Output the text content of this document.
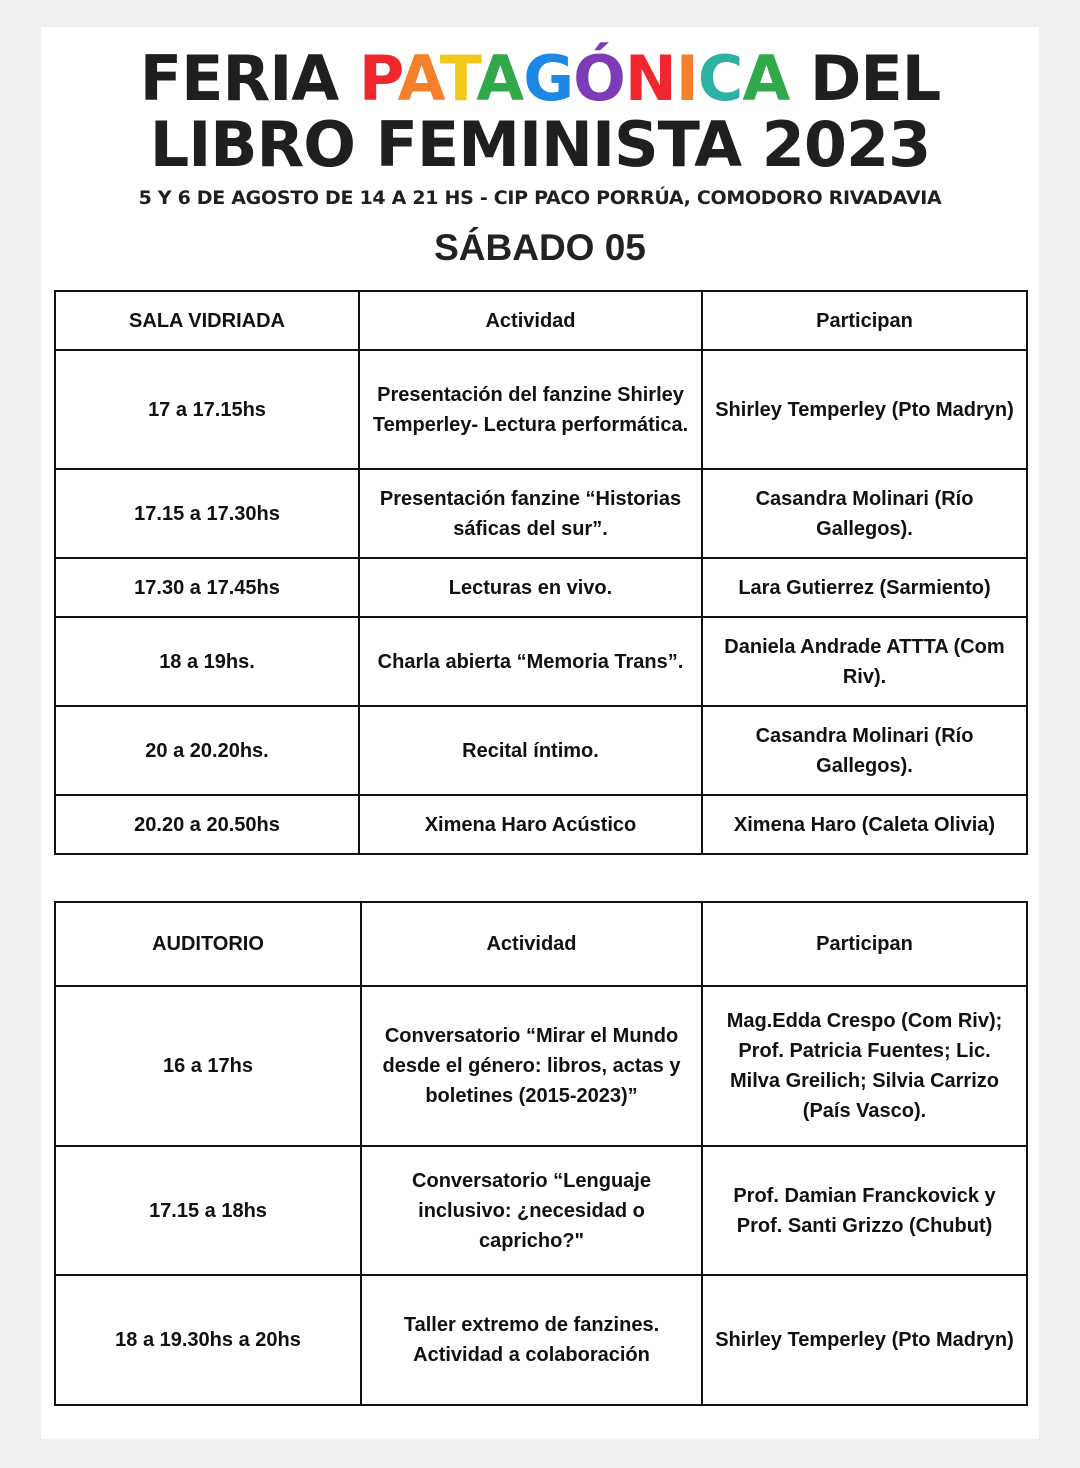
FERIA PATAGÓNICA DEL
LIBRO FEMINISTA 2023
5 Y 6 DE AGOSTO DE 14 A 21 HS - CIP PACO PORRÚA, COMODORO RIVADAVIA
SÁBADO 05
SALA VIDRIADA	Actividad	Participan
17 a 17.15hs	Presentación del fanzine Shirley Temperley- Lectura performática.	Shirley Temperley (Pto Madryn)
17.15 a 17.30hs	Presentación fanzine “Historias sáficas del sur”.	Casandra Molinari (Río Gallegos).
17.30 a 17.45hs	Lecturas en vivo.	Lara Gutierrez (Sarmiento)
18 a 19hs.	Charla abierta “Memoria Trans”.	Daniela Andrade ATTTA (Com Riv).
20 a 20.20hs.	Recital íntimo.	Casandra Molinari (Río Gallegos).
20.20 a 20.50hs	Ximena Haro Acústico	Ximena Haro (Caleta Olivia)
AUDITORIO	Actividad	Participan
16 a 17hs	Conversatorio “Mirar el Mundo desde el género: libros, actas y boletines (2015-2023)”	Mag.Edda Crespo (Com Riv); Prof. Patricia Fuentes; Lic. Milva Greilich; Silvia Carrizo (País Vasco).
17.15 a 18hs	Conversatorio “Lenguaje inclusivo: ¿necesidad o capricho?"	Prof. Damian Franckovick y Prof. Santi Grizzo (Chubut)
18 a 19.30hs a 20hs	Taller extremo de fanzines. Actividad a colaboración	Shirley Temperley (Pto Madryn)
